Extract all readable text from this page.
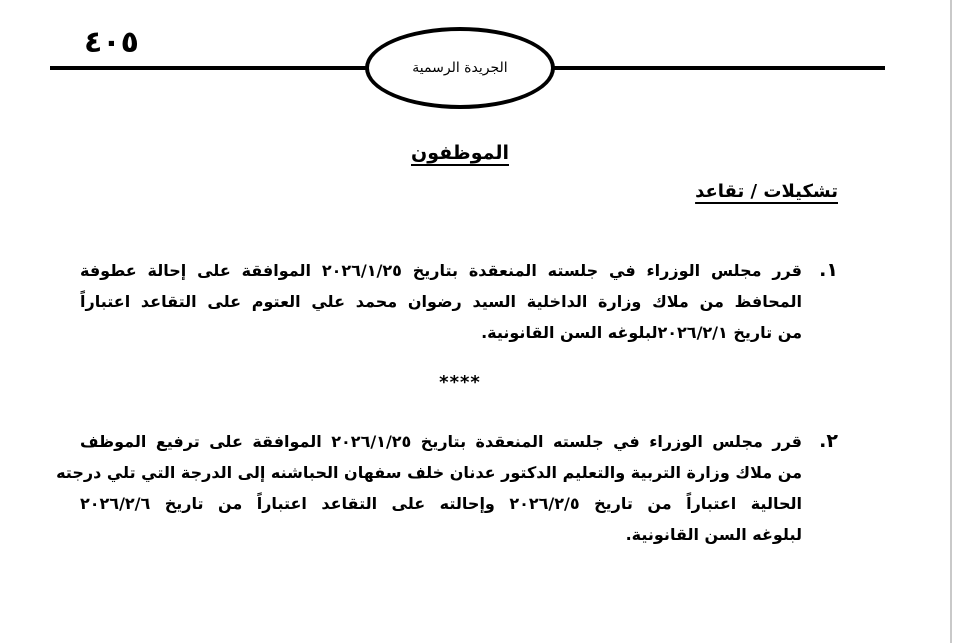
٤٠٥
الجريدة الرسمية
الموظفون
تشكيلات / تقاعد
١.
قرر مجلس الوزراء في جلسته المنعقدة بتاريخ ٢٠٢٦/١/٢٥ الموافقة على إحالة عطوفة
المحافظ من ملاك وزارة الداخلية السيد رضوان محمد علي العتوم على التقاعد اعتباراً
من تاريخ ٢٠٢٦/٢/١لبلوغه السن القانونية.
****
٢.
قرر مجلس الوزراء في جلسته المنعقدة بتاريخ ٢٠٢٦/١/٢٥ الموافقة على ترفيع الموظف
من ملاك وزارة التربية والتعليم الدكتور عدنان خلف سفهان الحباشنه إلى الدرجة التي تلي درجته
الحالية اعتباراً من تاريخ ٢٠٢٦/٢/٥ وإحالته على التقاعد اعتباراً من تاريخ ٢٠٢٦/٢/٦
لبلوغه السن القانونية.
